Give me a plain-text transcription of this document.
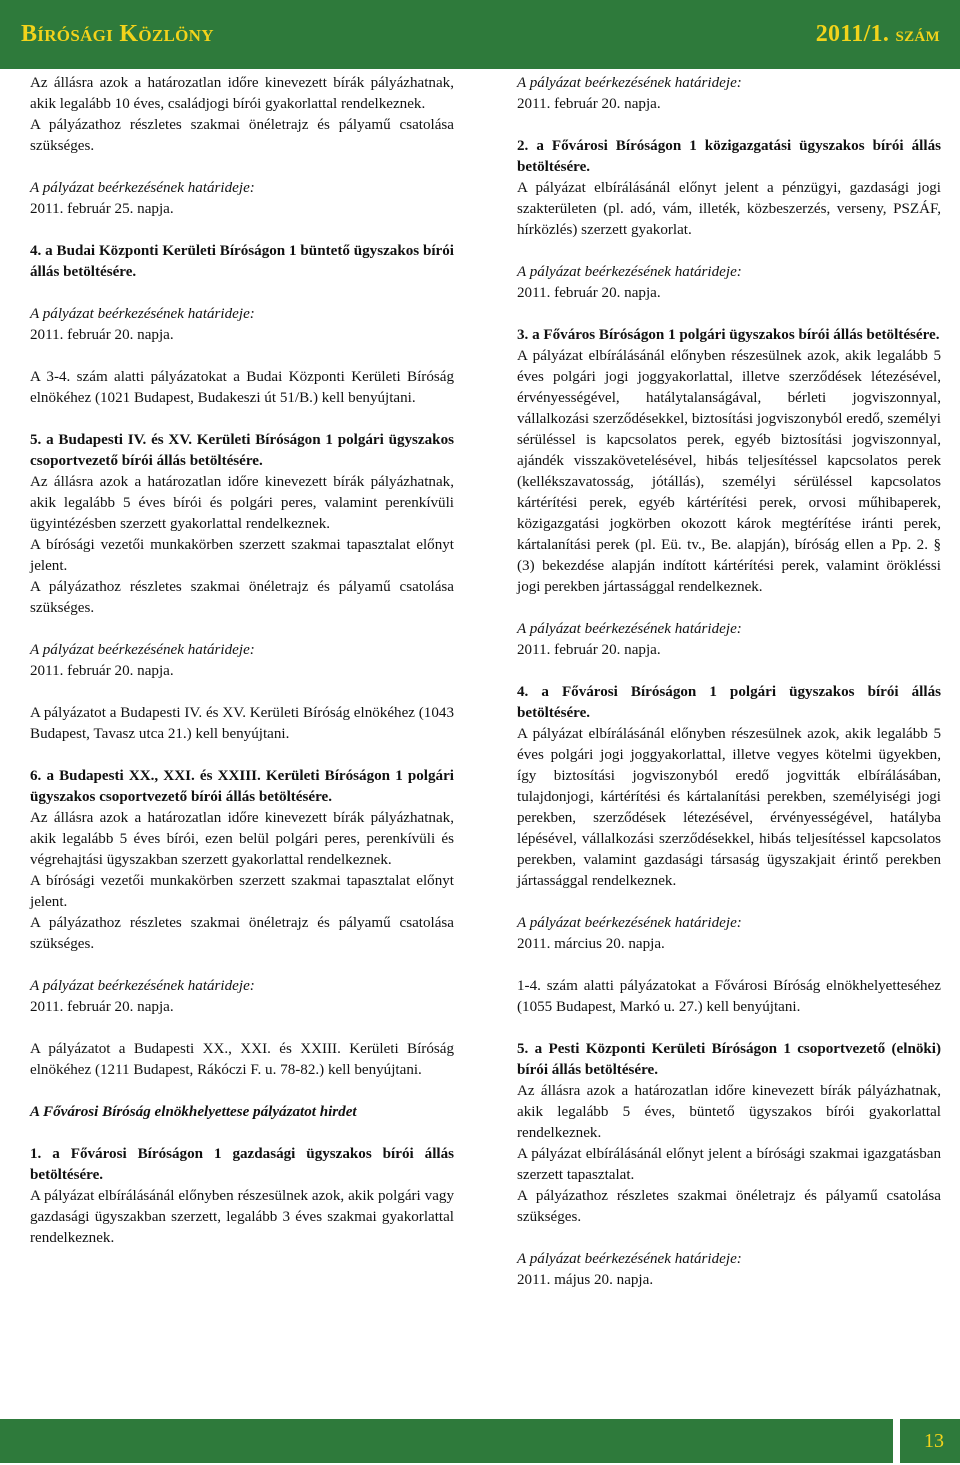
Bírósági Közlöny	2011/1. szám

Az állásra azok a határozatlan időre kinevezett bírák pályázhatnak, akik legalább 10 éves, családjogi bírói gyakorlattal rendelkeznek.

A pályázathoz részletes szakmai önéletrajz és pályamű csatolása szükséges.

A pályázat beérkezésének határideje:

2011. február 25. napja.

4. a Budai Központi Kerületi Bíróságon 1 büntető ügyszakos bírói állás betöltésére.

A pályázat beérkezésének határideje:

2011. február 20. napja.

A 3-4. szám alatti pályázatokat a Budai Központi Kerületi Bíróság elnökéhez (1021 Budapest, Budakeszi út 51/B.) kell benyújtani.

5. a Budapesti IV. és XV. Kerületi Bíróságon 1 polgári ügyszakos csoportvezető bírói állás betöltésére.

Az állásra azok a határozatlan időre kinevezett bírák pályázhatnak, akik legalább 5 éves bírói és polgári peres, valamint perenkívüli ügyintézésben szerzett gyakorlattal rendelkeznek.

A bírósági vezetői munkakörben szerzett szakmai tapasztalat előnyt jelent.

A pályázathoz részletes szakmai önéletrajz és pályamű csatolása szükséges.

A pályázat beérkezésének határideje:

2011. február 20. napja.

A pályázatot a Budapesti IV. és XV. Kerületi Bíróság elnökéhez (1043 Budapest, Tavasz utca 21.) kell benyújtani.

6. a Budapesti XX., XXI. és XXIII. Kerületi Bíróságon 1 polgári ügyszakos csoportvezető bírói állás betöltésére.

Az állásra azok a határozatlan időre kinevezett bírák pályázhatnak, akik legalább 5 éves bírói, ezen belül polgári peres, perenkívüli és végrehajtási ügyszakban szerzett gyakorlattal rendelkeznek.

A bírósági vezetői munkakörben szerzett szakmai tapasztalat előnyt jelent.

A pályázathoz részletes szakmai önéletrajz és pályamű csatolása szükséges.

A pályázat beérkezésének határideje:

2011. február 20. napja.

A pályázatot a Budapesti XX., XXI. és XXIII. Kerületi Bíróság elnökéhez (1211 Budapest, Rákóczi F. u. 78-82.) kell benyújtani.

A Fővárosi Bíróság elnökhelyettese pályázatot hirdet

1. a Fővárosi Bíróságon 1 gazdasági ügyszakos bírói állás betöltésére.

A pályázat elbírálásánál előnyben részesülnek azok, akik polgári vagy gazdasági ügyszakban szerzett, legalább 3 éves szakmai gyakorlattal rendelkeznek.

A pályázat beérkezésének határideje:

2011. február 20. napja.

2. a Fővárosi Bíróságon 1 közigazgatási ügyszakos bírói állás betöltésére.

A pályázat elbírálásánál előnyt jelent a pénzügyi, gazdasági jogi szakterületen (pl. adó, vám, illeték, közbeszerzés, verseny, PSZÁF, hírközlés) szerzett gyakorlat.

A pályázat beérkezésének határideje:

2011. február 20. napja.

3. a Főváros Bíróságon 1 polgári ügyszakos bírói állás betöltésére.

A pályázat elbírálásánál előnyben részesülnek azok, akik legalább 5 éves polgári jogi joggyakorlattal, illetve szerződések létezésével, érvényességével, hatálytalanságával, bérleti jogviszonnyal, vállalkozási szerződésekkel, biztosítási jogviszonyból eredő, személyi sérüléssel is kapcsolatos perek, egyéb biztosítási jogviszonnyal, ajándék visszakövetelésével, hibás teljesítéssel kapcsolatos perek (kellékszavatosság, jótállás), személyi sérüléssel kapcsolatos kártérítési perek, egyéb kártérítési perek, orvosi műhibaperek, közigazgatási jogkörben okozott károk megtérítése iránti perek, kártalanítási perek (pl. Eü. tv., Be. alapján), bíróság ellen a Pp. 2. § (3) bekezdése alapján indított kártérítési perek, valamint örökléssi jogi perekben jártassággal rendelkeznek.

A pályázat beérkezésének határideje:

2011. február 20. napja.

4. a Fővárosi Bíróságon 1 polgári ügyszakos bírói állás betöltésére.

A pályázat elbírálásánál előnyben részesülnek azok, akik legalább 5 éves polgári jogi joggyakorlattal, illetve vegyes kötelmi ügyekben, így biztosítási jogviszonyból eredő jogvitták elbírálásában, tulajdonjogi, kártérítési és kártalanítási perekben, személyiségi jogi perekben, szerződések létezésével, érvényességével, hatályba lépésével, vállalkozási szerződésekkel, hibás teljesítéssel kapcsolatos perekben, valamint gazdasági társaság ügyszakjait érintő perekben jártassággal rendelkeznek.

A pályázat beérkezésének határideje:

2011. március 20. napja.

1-4. szám alatti pályázatokat a Fővárosi Bíróság elnökhelyetteséhez (1055 Budapest, Markó u. 27.) kell benyújtani.

5. a Pesti Központi Kerületi Bíróságon 1 csoportvezető (elnöki) bírói állás betöltésére.

Az állásra azok a határozatlan időre kinevezett bírák pályázhatnak, akik legalább 5 éves, büntető ügyszakos bírói gyakorlattal rendelkeznek.

A pályázat elbírálásánál előnyt jelent a bírósági szakmai igazgatásban szerzett tapasztalat.

A pályázathoz részletes szakmai önéletrajz és pályamű csatolása szükséges.

A pályázat beérkezésének határideje:

2011. május 20. napja.

13
